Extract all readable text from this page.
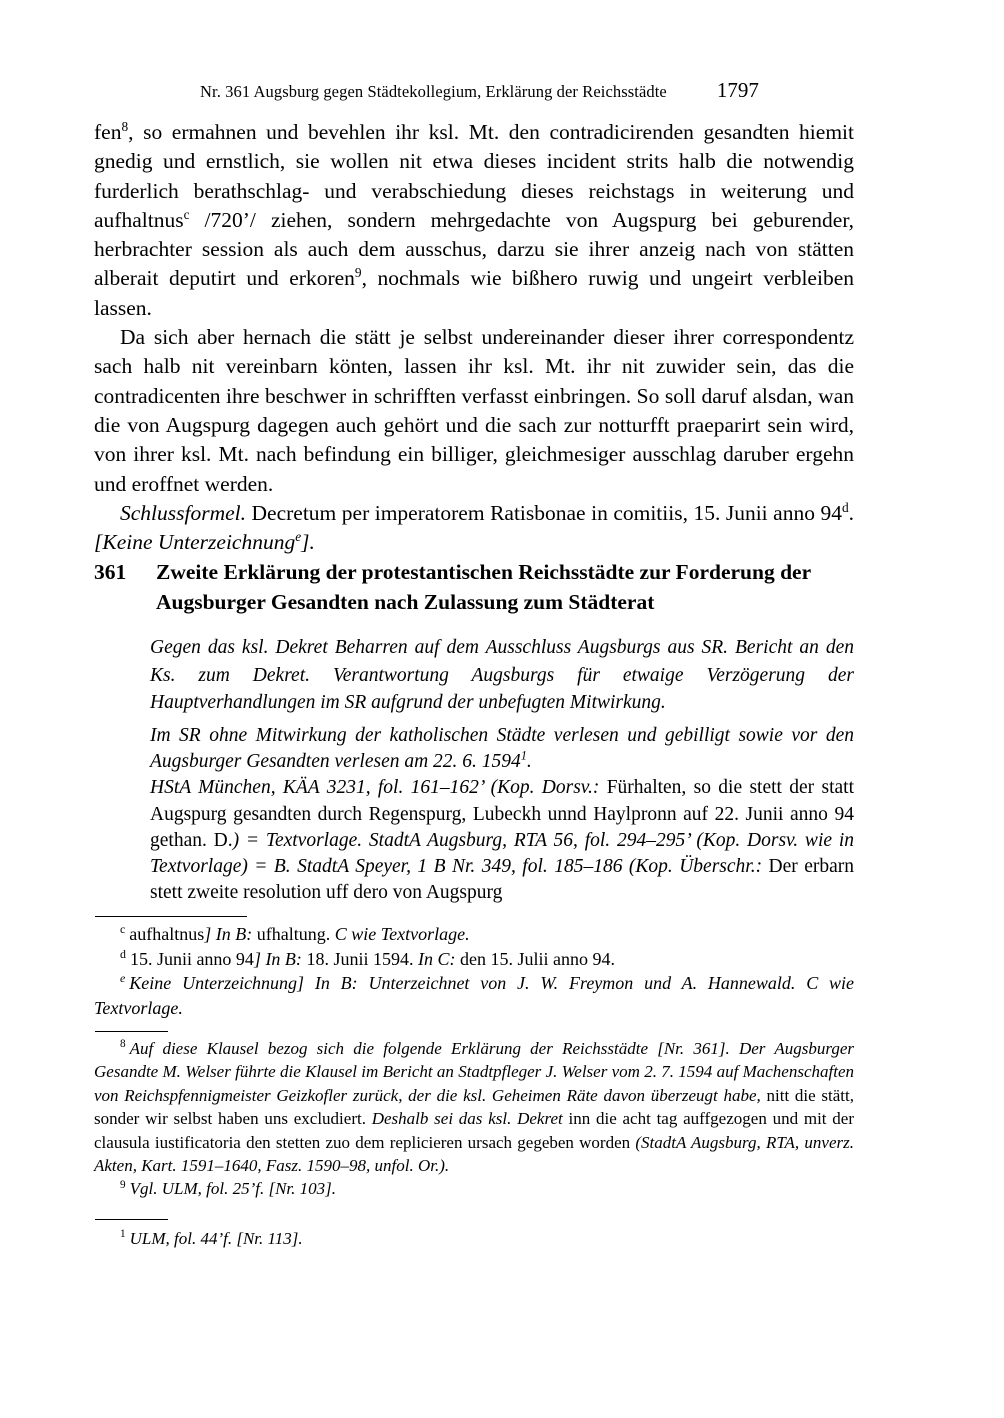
Nr. 361 Augsburg gegen Städtekollegium, Erklärung der Reichsstädte 1797

fen$^8$, so ermahnen und bevehlen ihr ksl. Mt. den contradicirenden gesandten hiemit gnedig und ernstlich, sie wollen nit etwa dieses incident strits halb die notwendig furderlich berathschlag- und verabschiedung dieses reichstags in weiterung und aufhaltnus$^c$ /720’/ ziehen, sondern mehrgedachte von Augspurg bei geburender, herbrachter session als auch dem ausschus, darzu sie ihrer anzeig nach von stätten alberait deputirt und erkoren$^9$, nochmals wie bißhero ruwig und ungeirt verbleiben lassen.

Da sich aber hernach die stätt je selbst undereinander dieser ihrer correspondentz sach halb nit vereinbarn könten, lassen ihr ksl. Mt. ihr nit zuwider sein, das die contradicenten ihre beschwer in schrifften verfasst einbringen. So soll daruf alsdan, wan die von Augspurg dagegen auch gehört und die sach zur notturfft praeparirt sein wird, von ihrer ksl. Mt. nach befindung ein billiger, gleichmesiger ausschlag daruber ergehn und eroffnet werden.

Schlussformel. Decretum per imperatorem Ratisbonae in comitiis, 15. Junii anno 94$^d$. [Keine Unterzeichnung$^e$].

361 Zweite Erklärung der protestantischen Reichsstädte zur Forderung der Augsburger Gesandten nach Zulassung zum Städterat
Gegen das ksl. Dekret Beharren auf dem Ausschluss Augsburgs aus SR. Bericht an den Ks. zum Dekret. Verantwortung Augsburgs für etwaige Verzögerung der Hauptverhandlungen im SR aufgrund der unbefugten Mitwirkung.

Im SR ohne Mitwirkung der katholischen Städte verlesen und gebilligt sowie vor den Augsburger Gesandten verlesen am 22. 6. 1594$^1$.

HStA München, KÄA 3231, fol. 161–162’ (Kop. Dorsv.: Fürhalten, so die stett der statt Augspurg gesandten durch Regenspurg, Lubeckh unnd Haylpronn auf 22. Junii anno 94 gethan. D.) = Textvorlage. StadtA Augsburg, RTA 56, fol. 294–295’ (Kop. Dorsv. wie in Textvorlage) = B. StadtA Speyer, 1 B Nr. 349, fol. 185–186 (Kop. Überschr.: Der erbarn stett zweite resolution uff dero von Augspurg

$^c$ aufhaltnus] In B: ufhaltung. C wie Textvorlage.

$^d$ 15. Junii anno 94] In B: 18. Junii 1594. In C: den 15. Julii anno 94.

$^e$ Keine Unterzeichnung] In B: Unterzeichnet von J. W. Freymon und A. Hannewald. C wie Textvorlage.

$^8$ Auf diese Klausel bezog sich die folgende Erklärung der Reichsstädte [Nr. 361]. Der Augsburger Gesandte M. Welser führte die Klausel im Bericht an Stadtpfleger J. Welser vom 2. 7. 1594 auf Machenschaften von Reichspfennigmeister Geizkofler zurück, der die ksl. Geheimen Räte davon überzeugt habe, nitt die stätt, sonder wir selbst haben uns excludiert. Deshalb sei das ksl. Dekret inn die acht tag auffgezogen und mit der clausula iustificatoria den stetten zuo dem replicieren ursach gegeben worden (StadtA Augsburg, RTA, unverz. Akten, Kart. 1591–1640, Fasz. 1590–98, unfol. Or.).

$^9$ Vgl. ULM, fol. 25’f. [Nr. 103].

$^1$ ULM, fol. 44’f. [Nr. 113].
